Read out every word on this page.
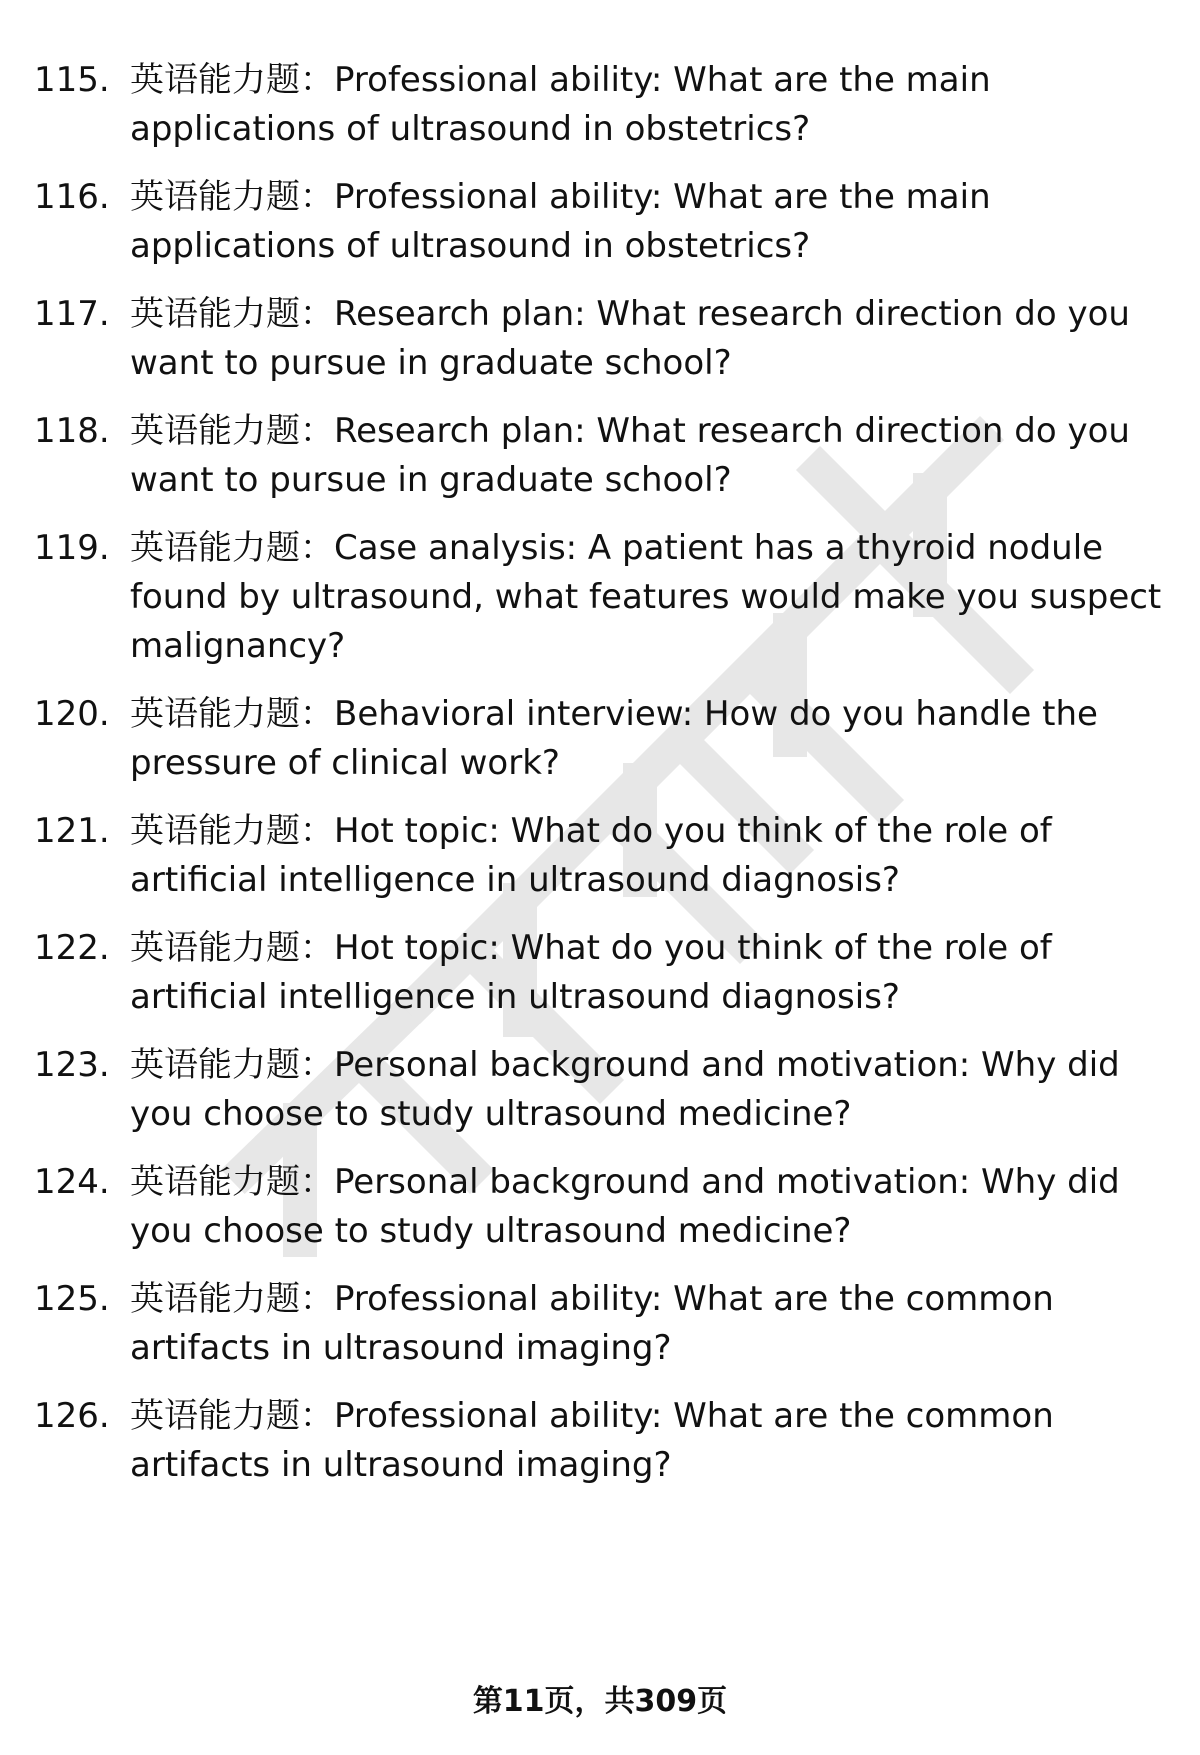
115. 英语能力题：Professional ability: What are the main applications of ultrasound in obstetrics?
116. 英语能力题：Professional ability: What are the main applications of ultrasound in obstetrics?
117. 英语能力题：Research plan: What research direction do you want to pursue in graduate school?
118. 英语能力题：Research plan: What research direction do you want to pursue in graduate school?
119. 英语能力题：Case analysis: A patient has a thyroid nodule found by ultrasound, what features would make you suspect malignancy?
120. 英语能力题：Behavioral interview: How do you handle the pressure of clinical work?
121. 英语能力题：Hot topic: What do you think of the role of artificial intelligence in ultrasound diagnosis?
122. 英语能力题：Hot topic: What do you think of the role of artificial intelligence in ultrasound diagnosis?
123. 英语能力题：Personal background and motivation: Why did you choose to study ultrasound medicine?
124. 英语能力题：Personal background and motivation: Why did you choose to study ultrasound medicine?
125. 英语能力题：Professional ability: What are the common artifacts in ultrasound imaging?
126. 英语能力题：Professional ability: What are the common artifacts in ultrasound imaging?
第11页，共309页
